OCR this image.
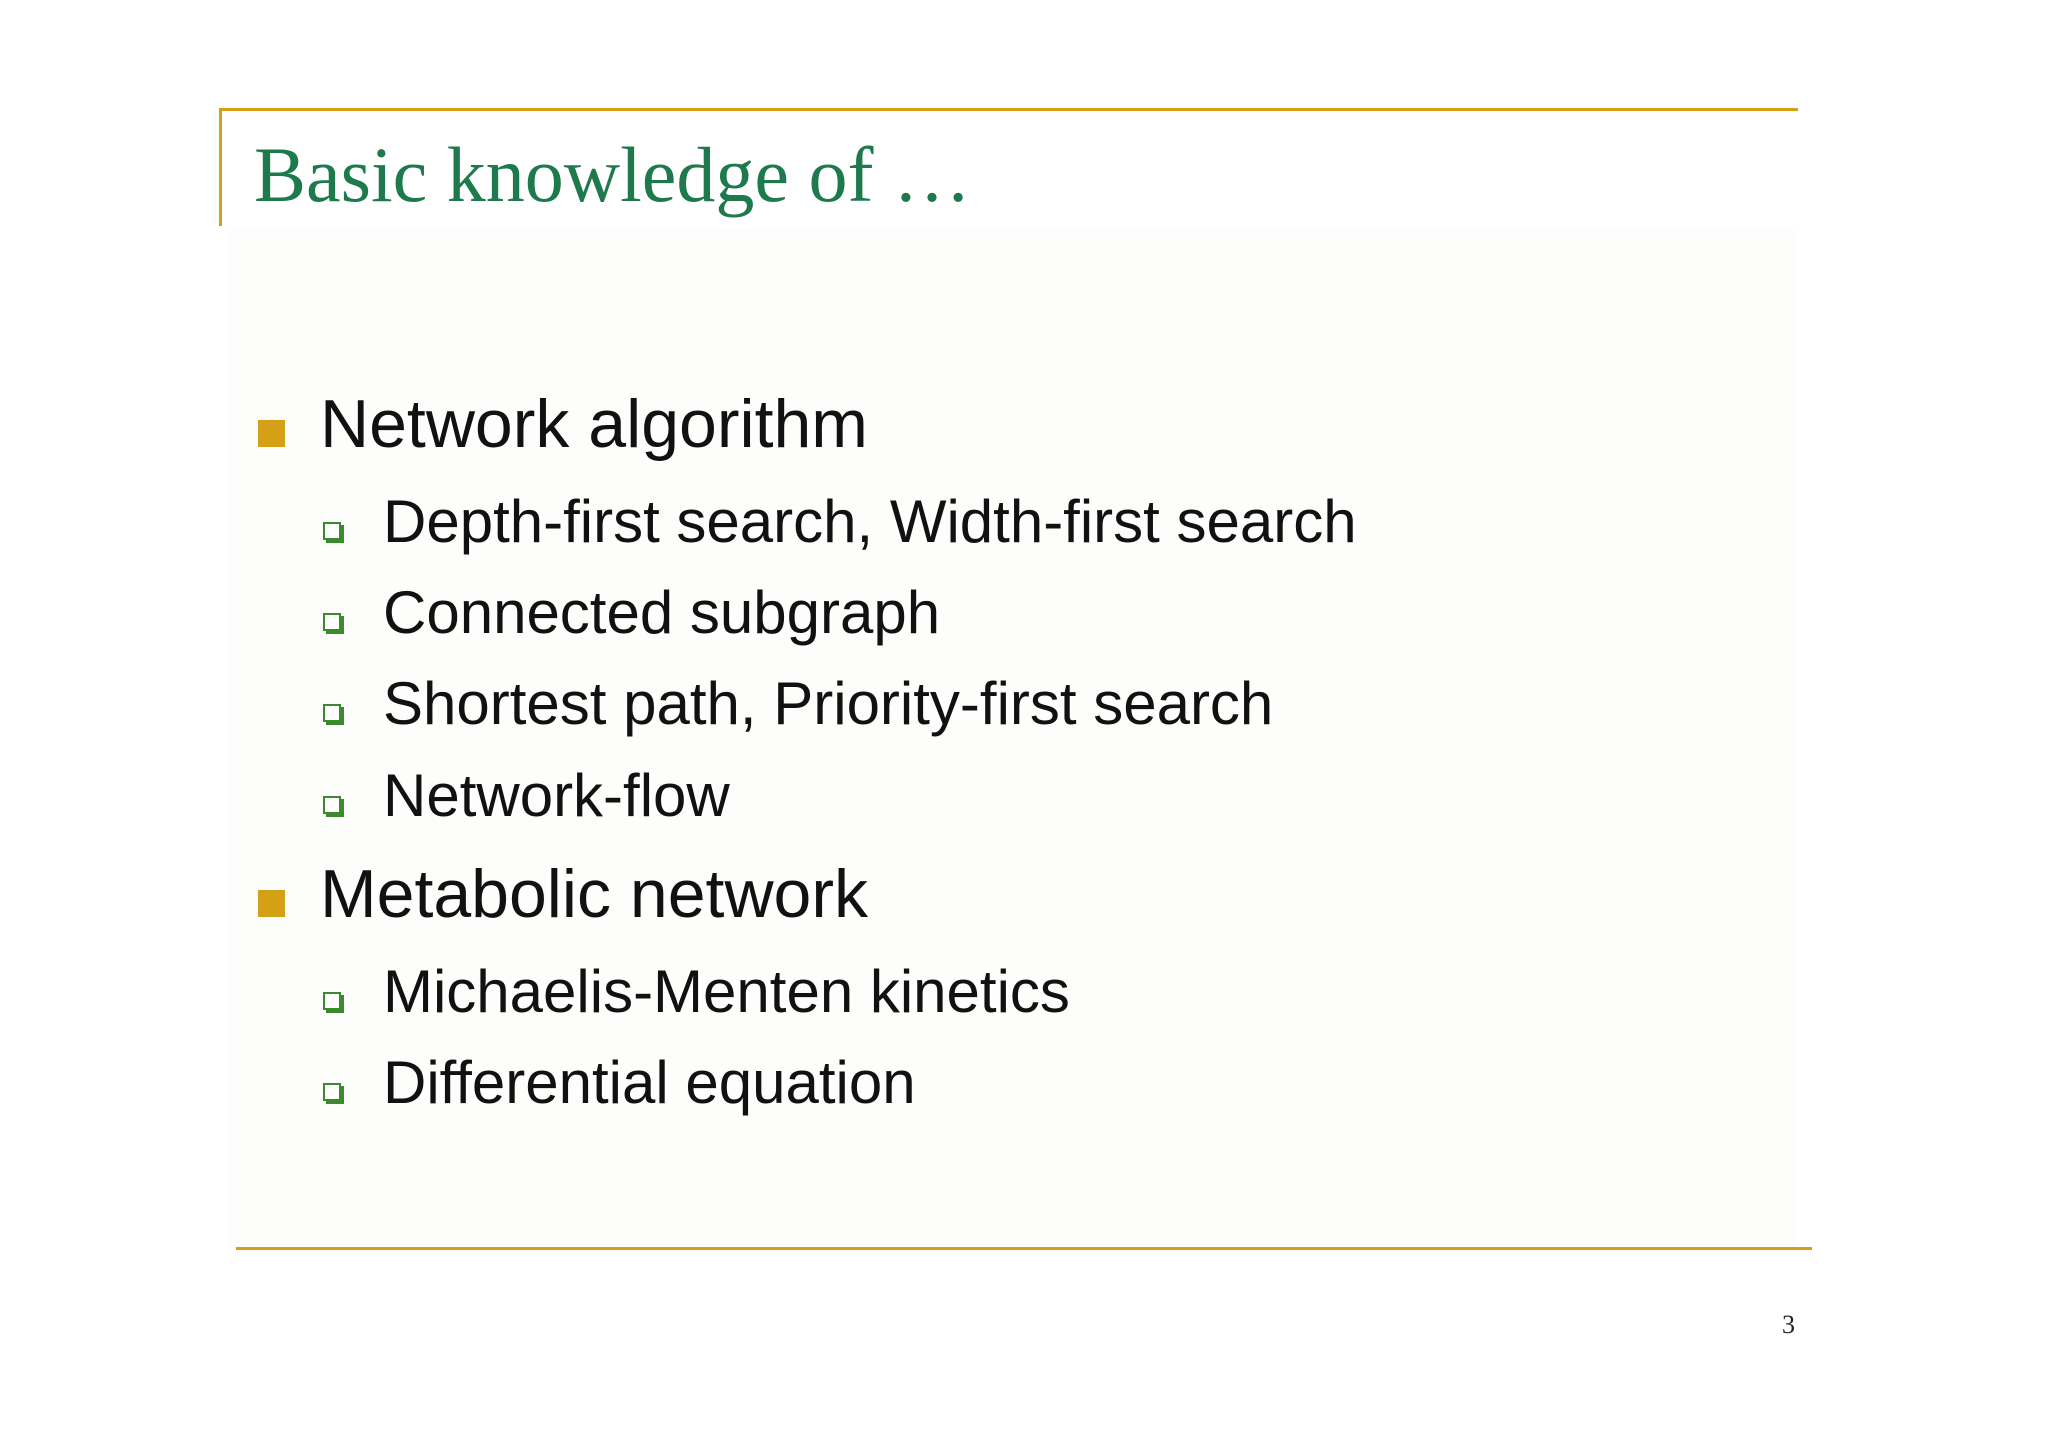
Basic knowledge of …
Network algorithm
Depth-first search, Width-first search
Connected subgraph
Shortest path, Priority-first search
Network-flow
Metabolic network
Michaelis-Menten kinetics
Differential equation
3
